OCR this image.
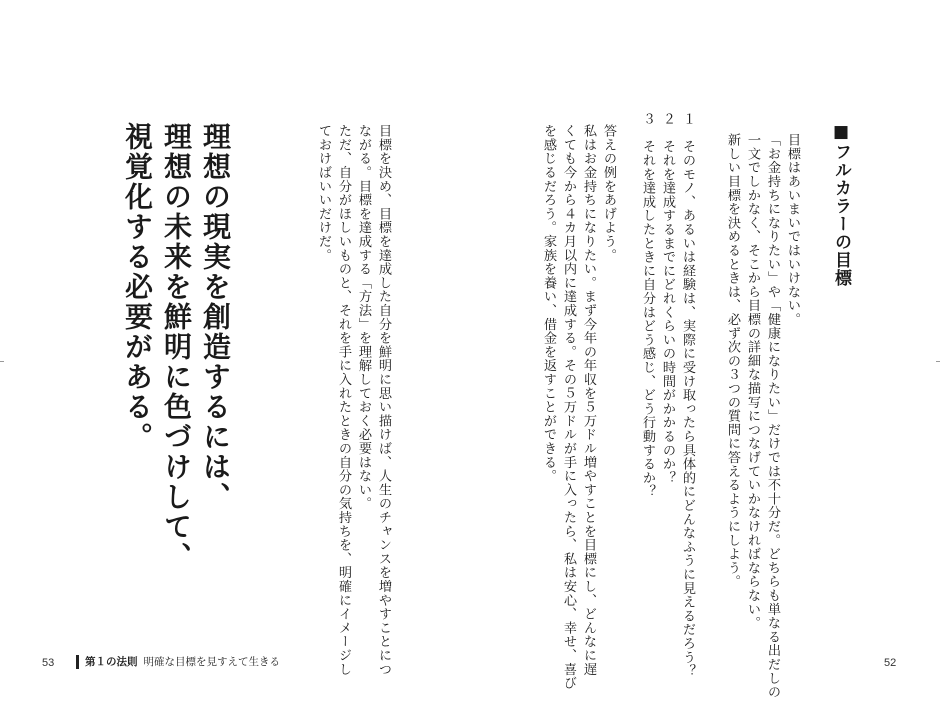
■フルカラーの目標
目標はあいまいではいけない。
「お金持ちになりたい」や「健康になりたい」だけでは不十分だ。どちらも単なる出だしの
一文でしかなく、そこから目標の詳細な描写につなげていかなければならない。
新しい目標を決めるときは、必ず次の３つの質問に答えるようにしよう。
１　そのモノ、あるいは経験は、実際に受け取ったら具体的にどんなふうに見えるだろう？
２　それを達成するまでにどれくらいの時間がかかるのか？
３　それを達成したときに自分はどう感じ、どう行動するか？
答えの例をあげよう。
私はお金持ちになりたい。まず今年の年収を５万ドル増やすことを目標にし、どんなに遅
くても今から４カ月以内に達成する。その５万ドルが手に入ったら、私は安心、幸せ、喜び
を感じるだろう。家族を養い、借金を返すことができる。
目標を決め、目標を達成した自分を鮮明に思い描けば、人生のチャンスを増やすことにつ
ながる。目標を達成する「方法」を理解しておく必要はない。
ただ、自分がほしいものと、それを手に入れたときの自分の気持ちを、明確にイメージし
ておけばいいだけだ。
理想の現実を創造するには、
理想の未来を鮮明に色づけして、
視覚化する必要がある。
53	第１の法則 明確な目標を見すえて生きる	52
